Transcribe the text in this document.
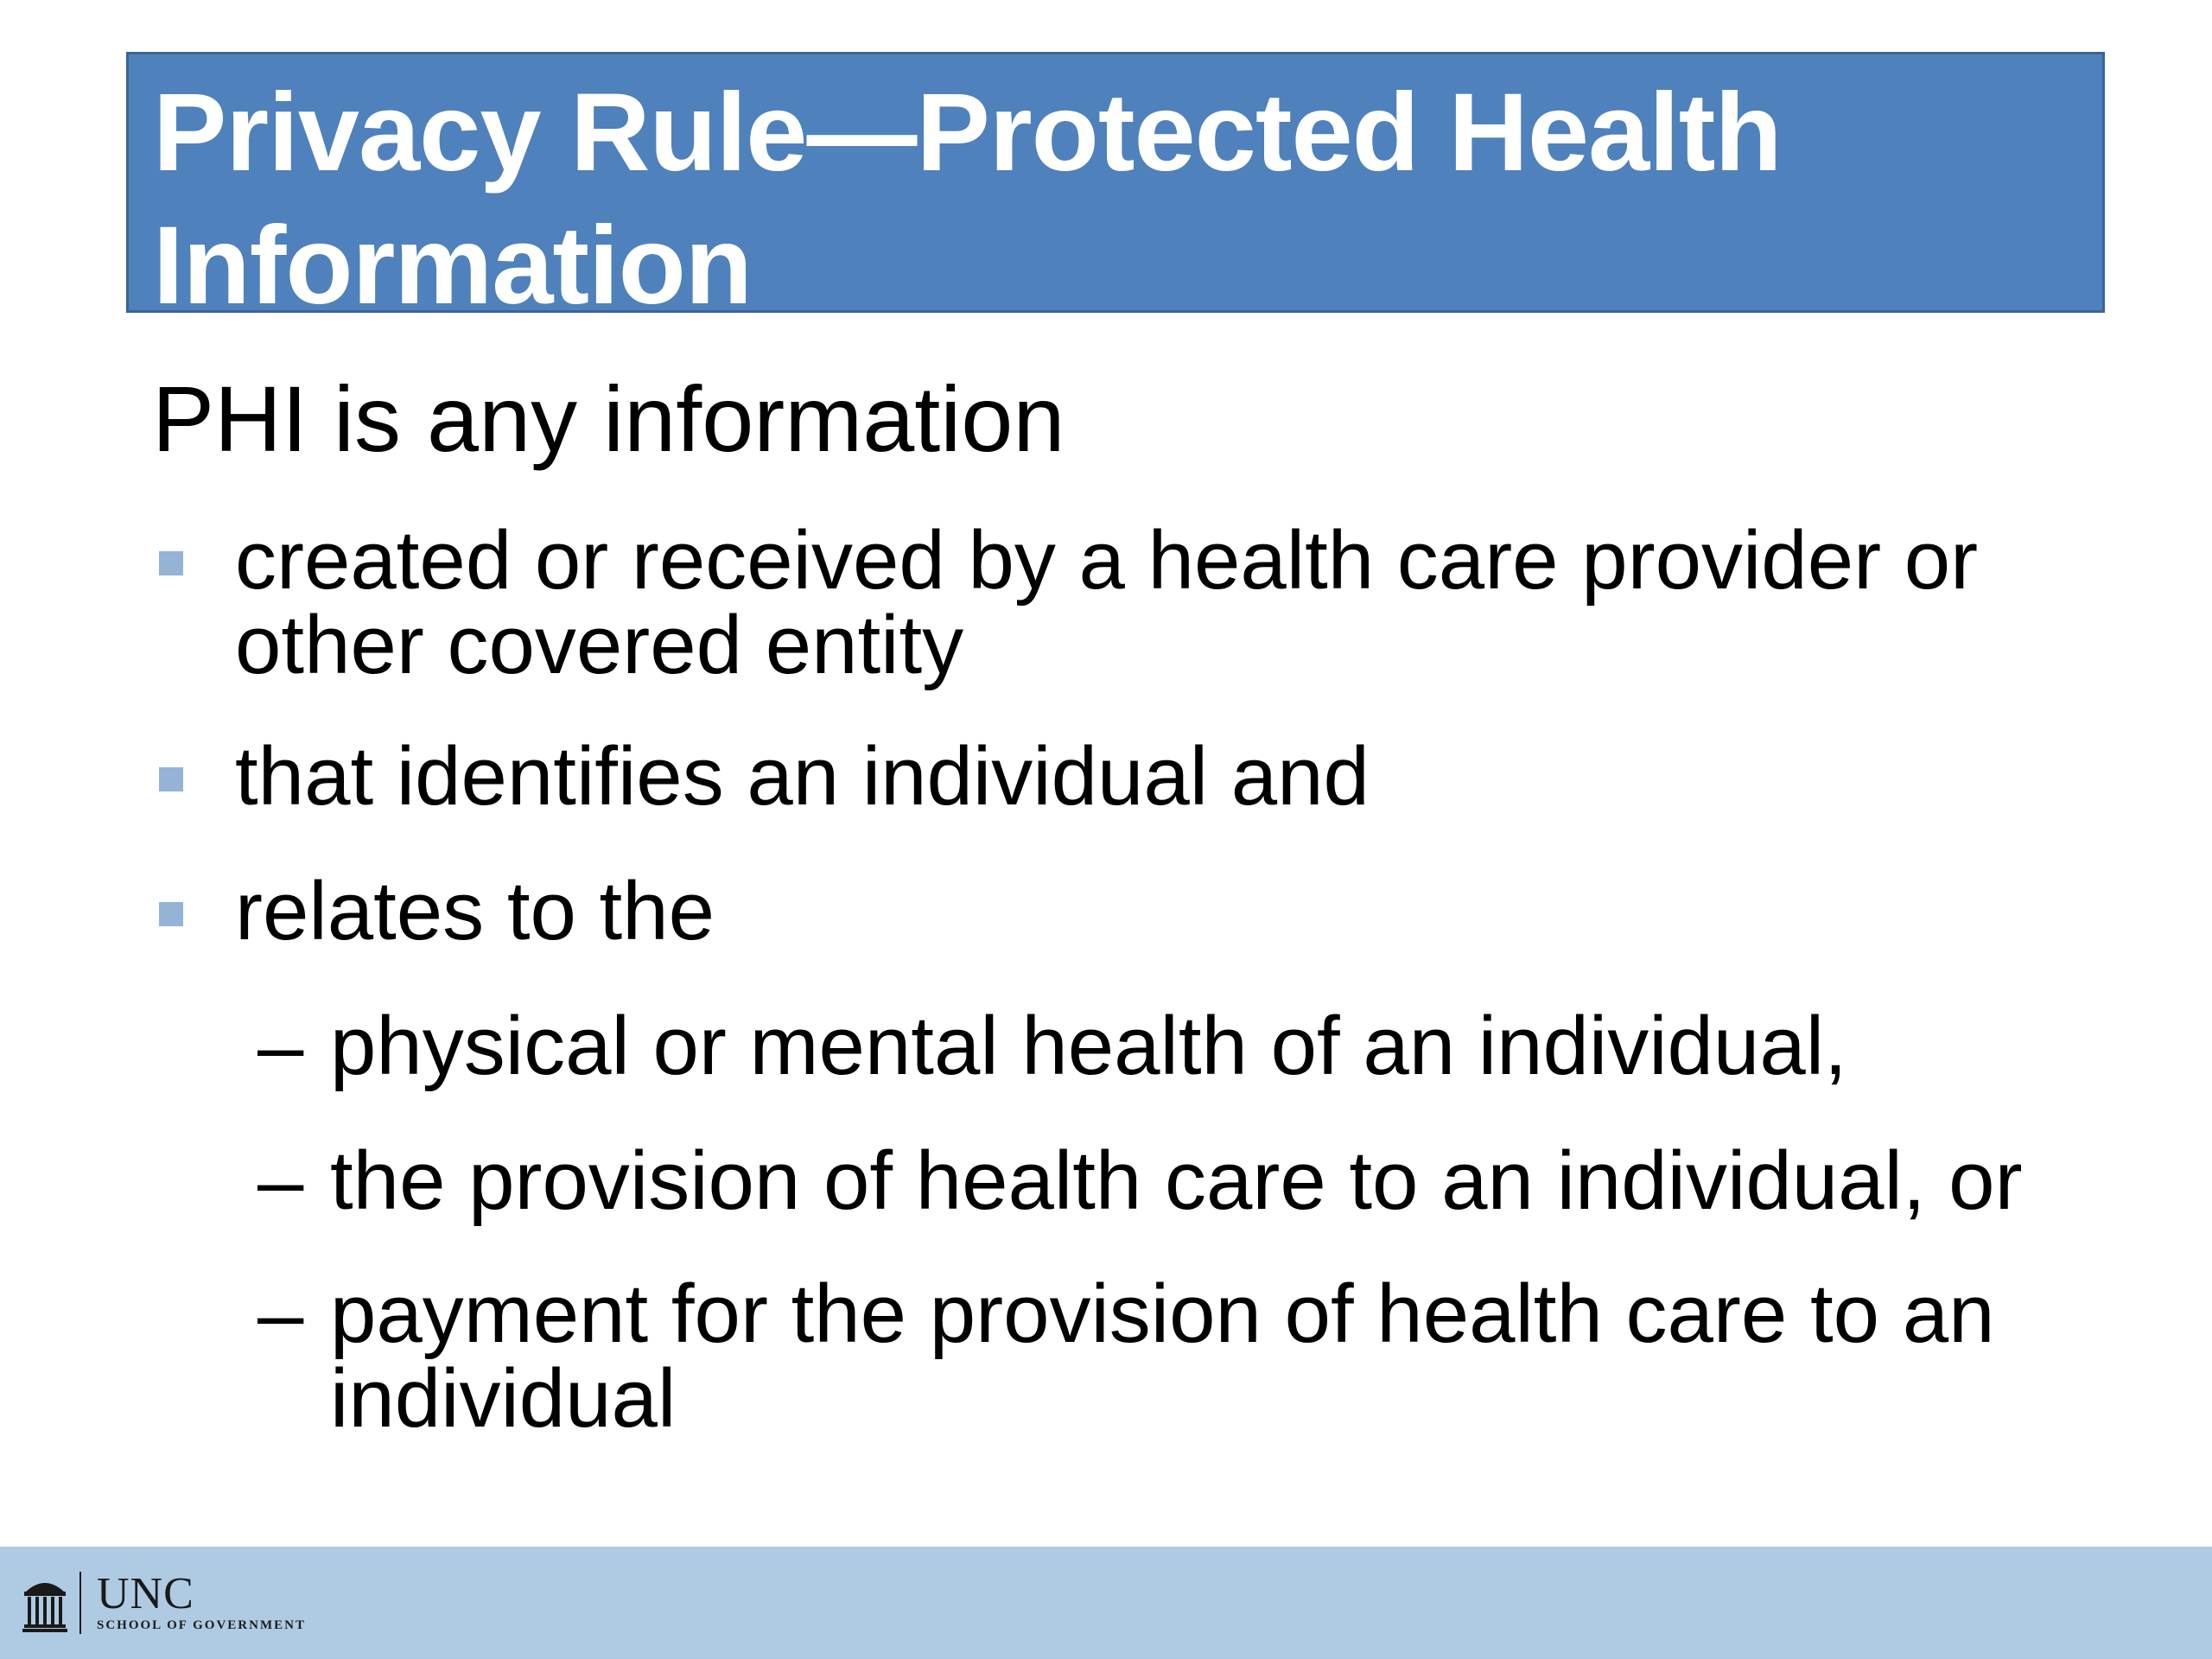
Privacy Rule—Protected Health Information

PHI is any information

created or received by a health care provider or other covered entity
that identifies an individual and
relates to the
– physical or mental health of an individual,
– the provision of health care to an individual, or
– payment for the provision of health care to an individual
UNC
SCHOOL OF GOVERNMENT
